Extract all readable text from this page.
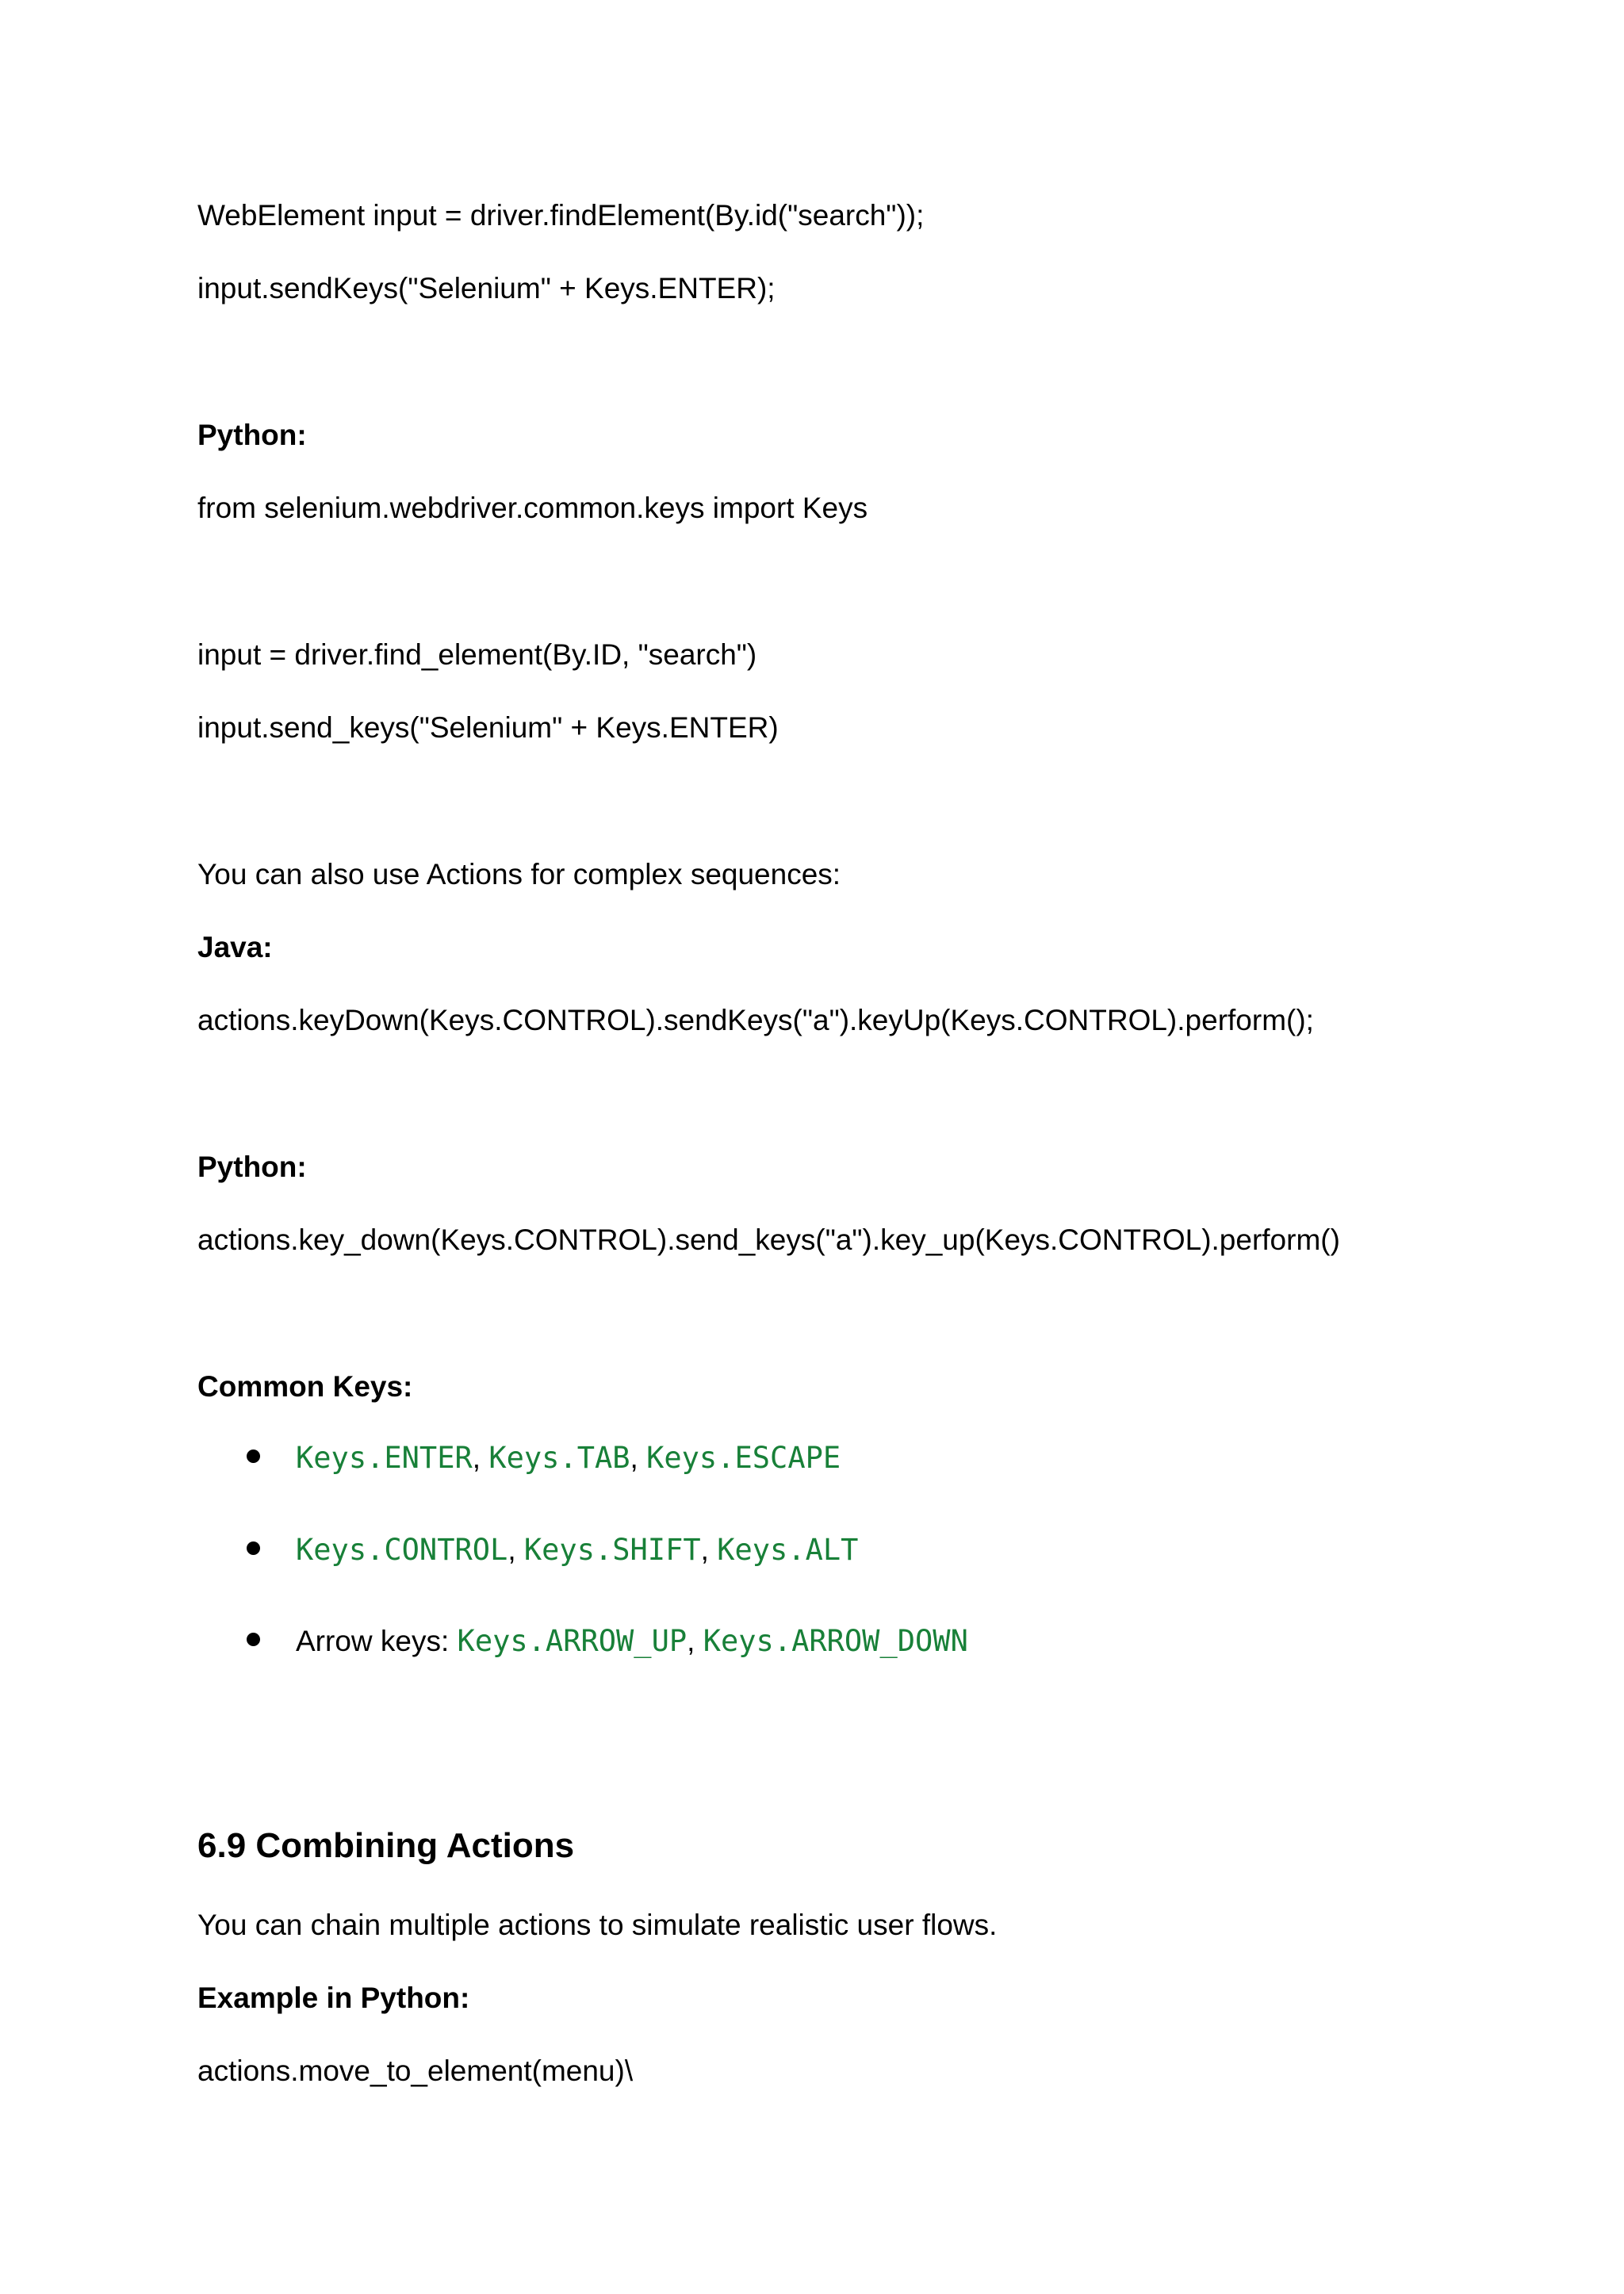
WebElement input = driver.findElement(By.id("search"));
input.sendKeys("Selenium" + Keys.ENTER);
Python:
from selenium.webdriver.common.keys import Keys
input = driver.find_element(By.ID, "search")
input.send_keys("Selenium" + Keys.ENTER)
You can also use Actions for complex sequences:
Java:
actions.keyDown(Keys.CONTROL).sendKeys("a").keyUp(Keys.CONTROL).perform();
Python:
actions.key_down(Keys.CONTROL).send_keys("a").key_up(Keys.CONTROL).perform()
Common Keys:
Keys.ENTER, Keys.TAB, Keys.ESCAPE
Keys.CONTROL, Keys.SHIFT, Keys.ALT
Arrow keys: Keys.ARROW_UP, Keys.ARROW_DOWN
6.9 Combining Actions
You can chain multiple actions to simulate realistic user flows.
Example in Python:
actions.move_to_element(menu)\
